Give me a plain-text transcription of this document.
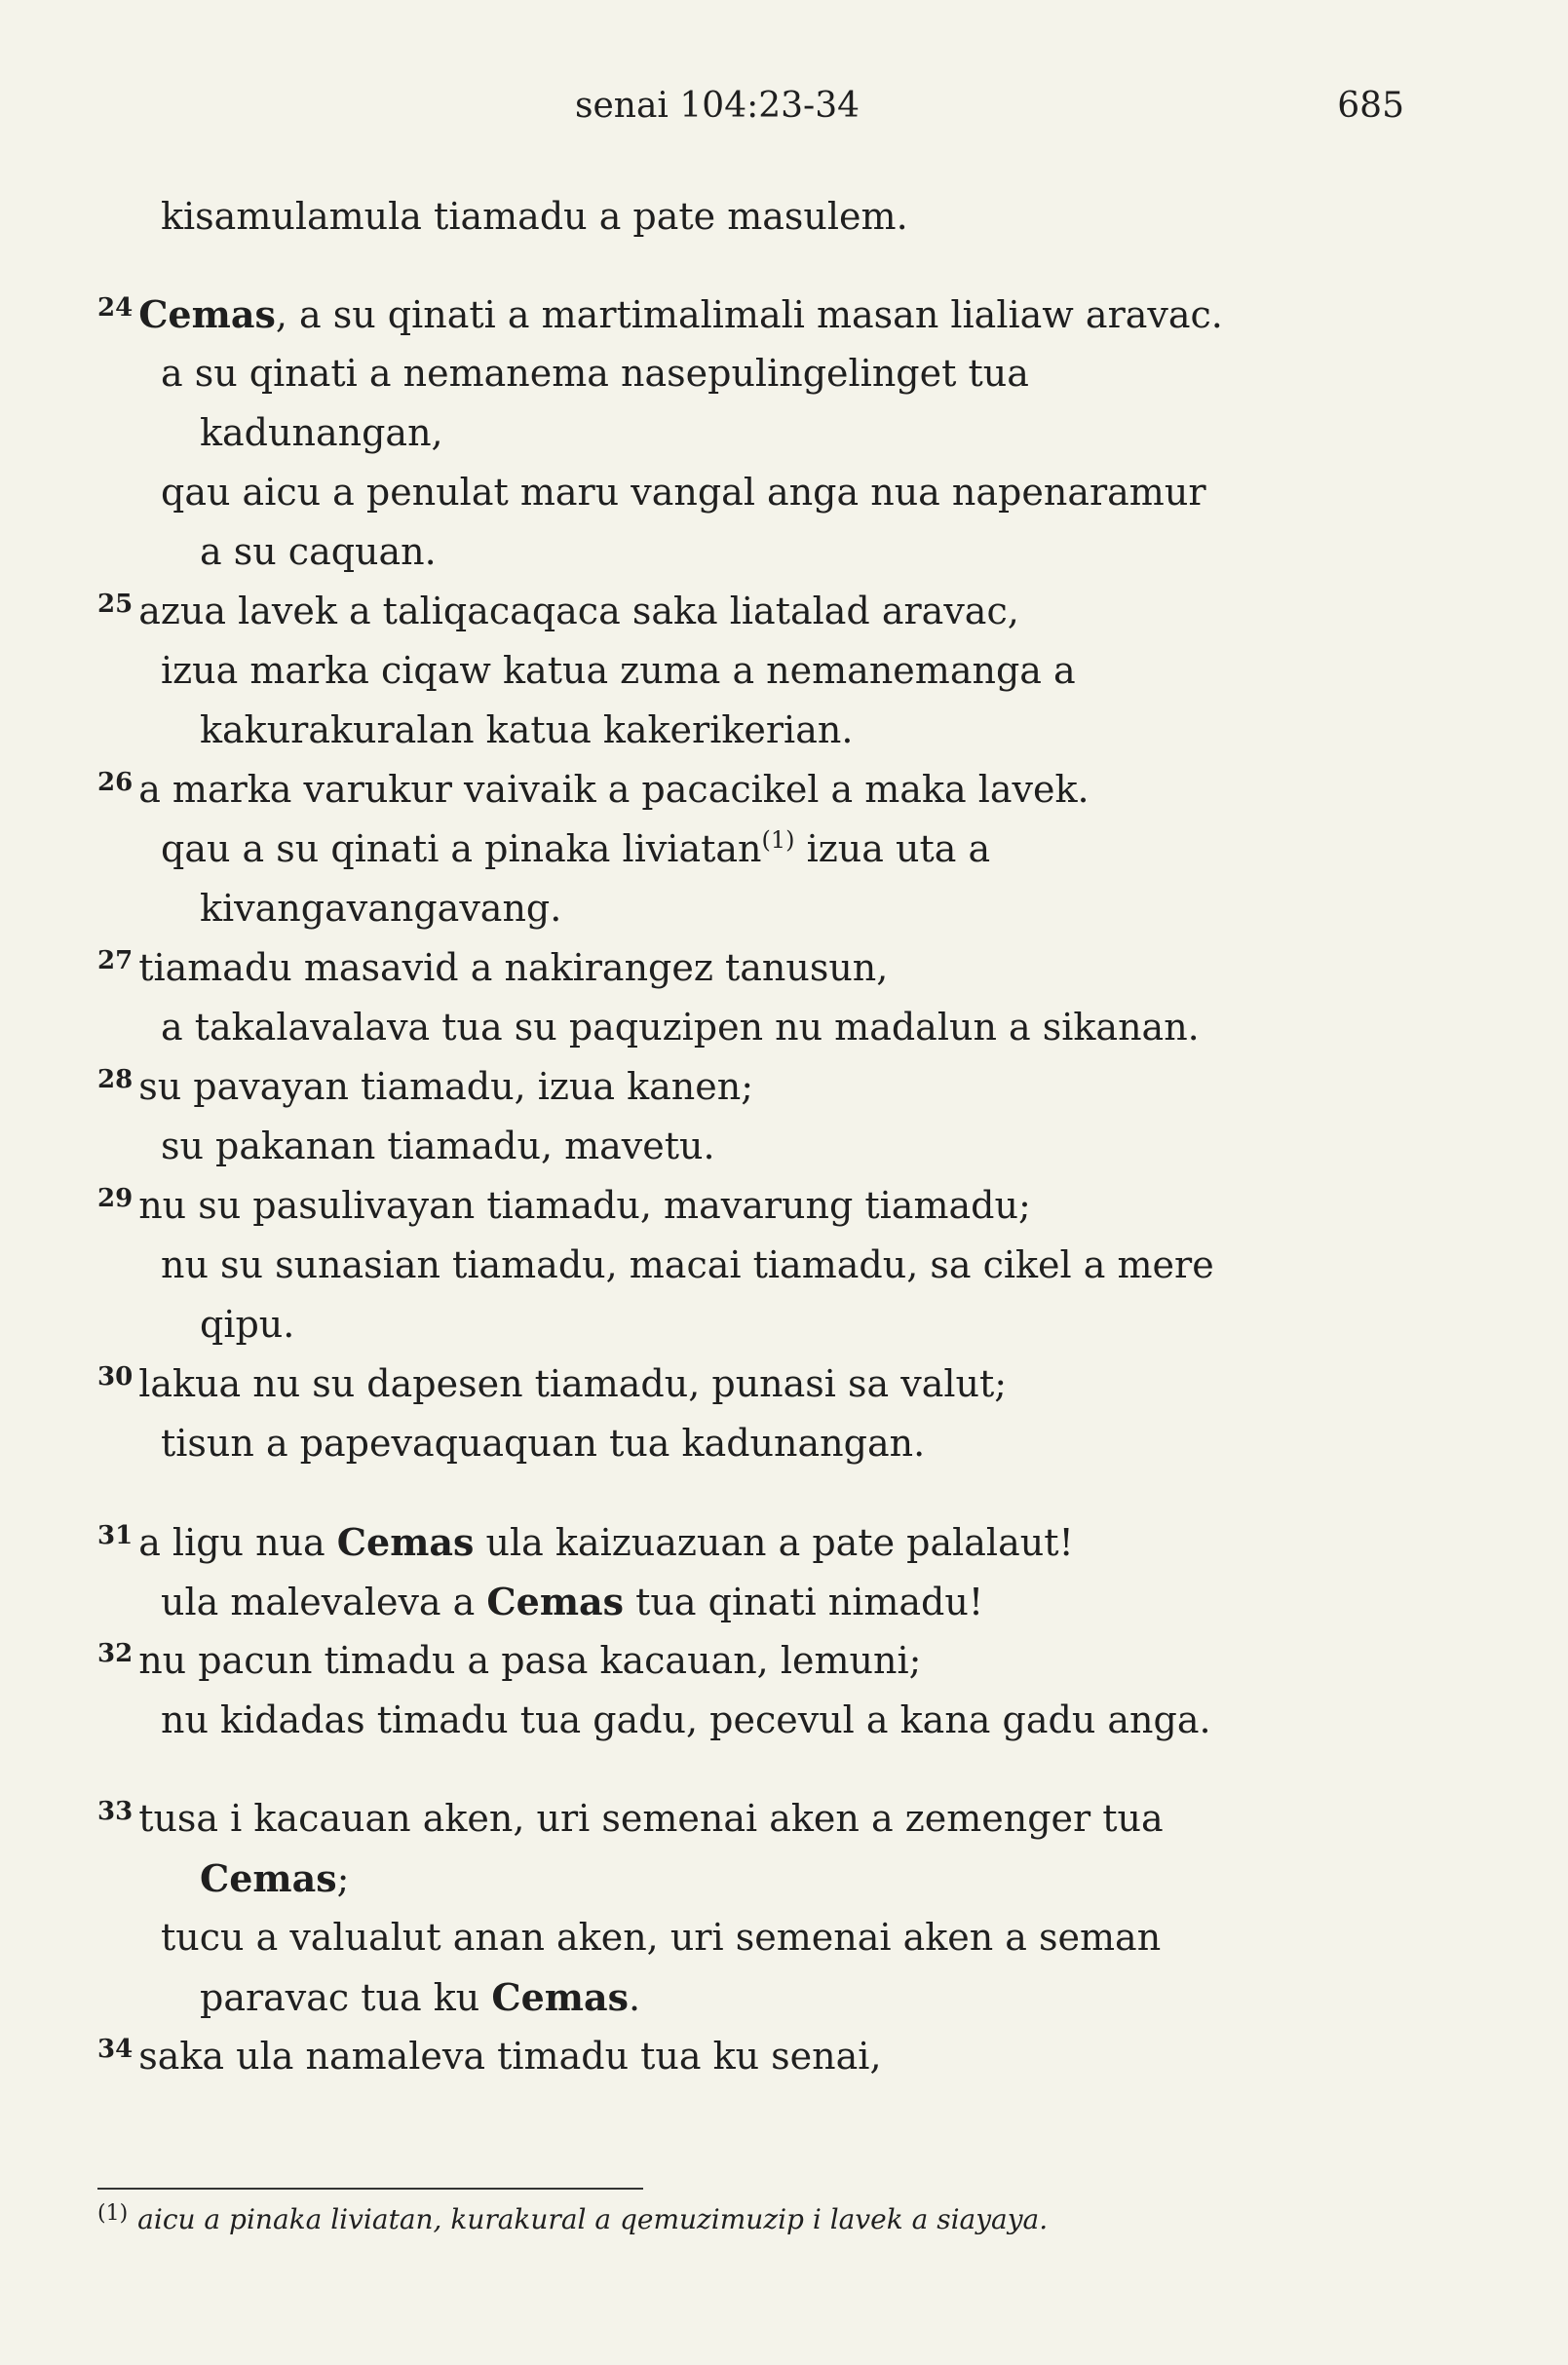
senai 104:23-34	685
kisamulamula tiamadu a pate masulem.
$^{24}$ Cemas, a su qinati a martimalimali masan lialiaw aravac.
a su qinati a nemanema nasepulingelinget tua
kadunangan,
qau aicu a penulat maru vangal anga nua napenaramur
a su caquan.
$^{25}$ azua lavek a taliqacaqaca saka liatalad aravac,
izua marka ciqaw katua zuma a nemanemanga a
kakurakuralan katua kakerikerian.
$^{26}$ a marka varukur vaivaik a pacacikel a maka lavek.
qau a su qinati a pinaka liviatan$^{(1)}$ izua uta a
kivangavangavang.
$^{27}$ tiamadu masavid a nakirangez tanusun,
a takalavalava tua su paquzipen nu madalun a sikanan.
$^{28}$ su pavayan tiamadu, izua kanen;
su pakanan tiamadu, mavetu.
$^{29}$ nu su pasulivayan tiamadu, mavarung tiamadu;
nu su sunasian tiamadu, macai tiamadu, sa cikel a mere
qipu.
$^{30}$ lakua nu su dapesen tiamadu, punasi sa valut;
tisun a papevaquaquan tua kadunangan.
$^{31}$ a ligu nua Cemas ula kaizuazuan a pate palalaut!
ula malevaleva a Cemas tua qinati nimadu!
$^{32}$ nu pacun timadu a pasa kacauan, lemuni;
nu kidadas timadu tua gadu, pecevul a kana gadu anga.
$^{33}$ tusa i kacauan aken, uri semenai aken a zemenger tua
Cemas;
tucu a valualut anan aken, uri semenai aken a seman
paravac tua ku Cemas.
$^{34}$ saka ula namaleva timadu tua ku senai,
$^{(1)}$ aicu a pinaka liviatan, kurakural a qemuzimuzip i lavek a siayaya.
